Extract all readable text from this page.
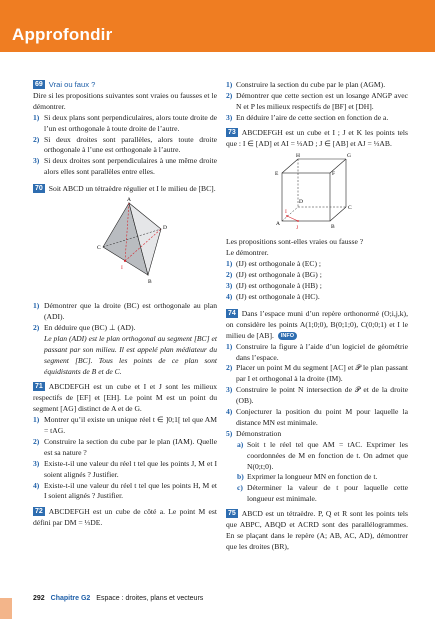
Approfondir
69 Vrai ou faux ?
Dire si les propositions suivantes sont vraies ou fausses et le démontrer.
1) Si deux plans sont perpendiculaires, alors toute droite de l’un est orthogonale à toute droite de l’autre.
2) Si deux droites sont parallèles, alors toute droite orthogonale à l’une est orthogonale à l’autre.
3) Si deux droites sont perpendiculaires à une même droite alors elles sont parallèles entre elles.
70 Soit ABCD un tétraèdre régulier et I le milieu de [BC].
A
C
B
D
I
1) Démontrer que la droite (BC) est orthogonale au plan (ADI).
2) En déduire que (BC) ⊥ (AD).
Le plan (ADI) est le plan orthogonal au segment [BC] et passant par son milieu. Il est appelé plan médiateur du segment [BC]. Tous les points de ce plan sont équidistants de B et de C.
71 ABCDEFGH est un cube et I et J sont les milieux respectifs de [EF] et [EH]. Le point M est un point du segment [AG] distinct de A et de G.
1) Montrer qu’il existe un unique réel t ∈ ]0;1[ tel que AM = tAG.
2) Construire la section du cube par le plan (IAM). Quelle est sa nature ?
3) Existe-t-il une valeur du réel t tel que les points J, M et I soient alignés ? Justifier.
4) Existe-t-il une valeur du réel t tel que les points H, M et I soient alignés ? Justifier.
72 ABCDEFGH est un cube de côté a. Le point M est défini par DM = ⅓DE.
1) Construire la section du cube par le plan (AGM).
2) Démontrer que cette section est un losange ANGP avec N et P les milieux respectifs de [BF] et [DH].
3) En déduire l’aire de cette section en fonction de a.
73 ABCDEFGH est un cube et I ; J et K les points tels que : I ∈ [AD] et AI = ⅓AD ; J ∈ [AB] et AJ = ⅓AB.
H	G
E	F
D
C
A	B
I
J
Les propositions sont-elles vraies ou fausse ?
Le démontrer.
1) (IJ) est orthogonale à (EC) ;
2) (IJ) est orthogonale à (BG) ;
3) (IJ) est orthogonale à (HB) ;
4) (IJ) est orthogonale à (HC).
74 Dans l’espace muni d’un repère orthonormé (O;i,j,k), on considère les points A(1;0;0), B(0;1;0), C(0;0;1) et I le milieu de [AB]. INFO
1) Construire la figure à l’aide d’un logiciel de géométrie dans l’espace.
2) Placer un point M du segment [AC] et 𝒫 le plan passant par I et orthogonal à la droite (IM).
3) Construire le point N intersection de 𝒫 et de la droite (OB).
4) Conjecturer la position du point M pour laquelle la distance MN est minimale.
5) Démonstration
a) Soit t le réel tel que AM = tAC. Exprimer les coordonnées de M en fonction de t. On admet que N(0;t;0).
b) Exprimer la longueur MN en fonction de t.
c) Déterminer la valeur de t pour laquelle cette longueur est minimale.
75 ABCD est un tétraèdre. P, Q et R sont les points tels que ABPC, ABQD et ACRD sont des parallélogrammes. En se plaçant dans le repère (A; AB, AC, AD), démontrer que les droites (BR),
292 Chapitre G2 Espace : droites, plans et vecteurs
